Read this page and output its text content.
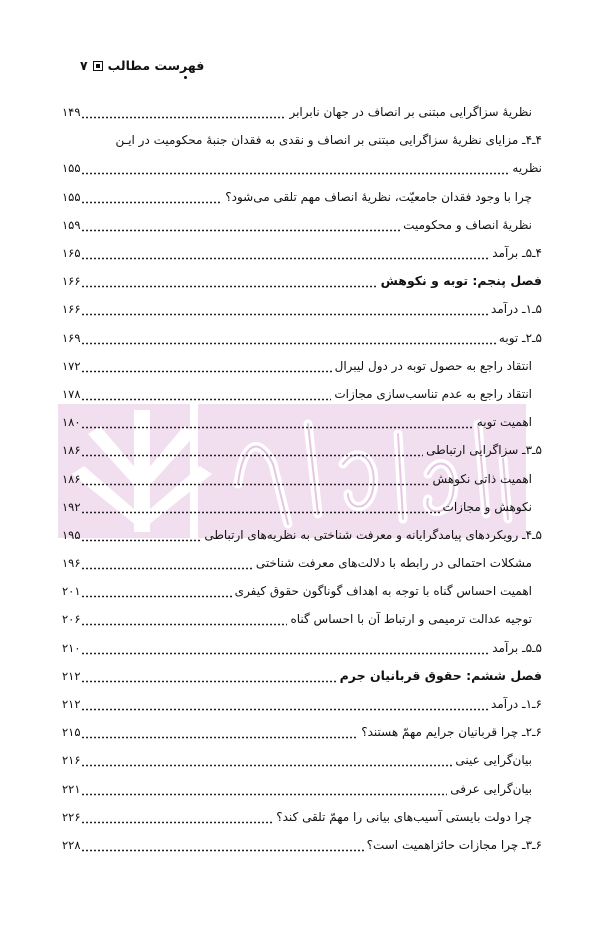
فهرست مطالب
۷
نظریهٔ سزاگرایی مبتنی بر انصاف در جهان نابرابر
۱۴۹
۴ـ۴ـ مزایای نظریهٔ سزاگرایی مبتنی بر انصاف و نقدی به فقدان جنبهٔ محکومیت در ایـن
نظریه
۱۵۵
چرا با وجود فقدان جامعیّت، نظریهٔ انصاف مهم تلقی می‌شود؟
۱۵۵
نظریهٔ انصاف و محکومیت
۱۵۹
۴ـ۵ـ برآمد
۱۶۵
فصل پنجم: توبه و نکوهش
۱۶۶
۵ـ۱ـ درآمد
۱۶۶
۵ـ۲ـ توبه
۱۶۹
انتقاد راجع به حصول توبه در دول لیبرال
۱۷۲
انتقاد راجع به عدم تناسب‌سازی مجازات
۱۷۸
اهمیت توبه
۱۸۰
۵ـ۳ـ سزاگرایی ارتباطی
۱۸۶
اهمیت ذاتی نکوهش
۱۸۶
نکوهش و مجازات
۱۹۲
۵ـ۴ـ رویکردهای پیامدگرایانه و معرفت شناختی به نظریه‌های ارتباطی
۱۹۵
مشکلات احتمالی در رابطه با دلالت‌های معرفت شناختی
۱۹۶
اهمیت احساس گناه با توجه به اهداف گوناگون حقوق کیفری
۲۰۱
توجیه عدالت ترمیمی و ارتباط آن با احساس گناه
۲۰۶
۵ـ۵ـ برآمد
۲۱۰
فصل ششم: حقوق قربانیان جرم
۲۱۲
۶ـ۱ـ درآمد
۲۱۲
۶ـ۲ـ چرا قربانیان جرایم مهمّ هستند؟
۲۱۵
بیان‌گرایی عینی
۲۱۶
بیان‌گرایی عرفی
۲۲۱
چرا دولت بایستی آسیب‌های بیانی را مهمّ تلقی کند؟
۲۲۶
۶ـ۳ـ چرا مجازات حائزاهمیت است؟
۲۲۸
